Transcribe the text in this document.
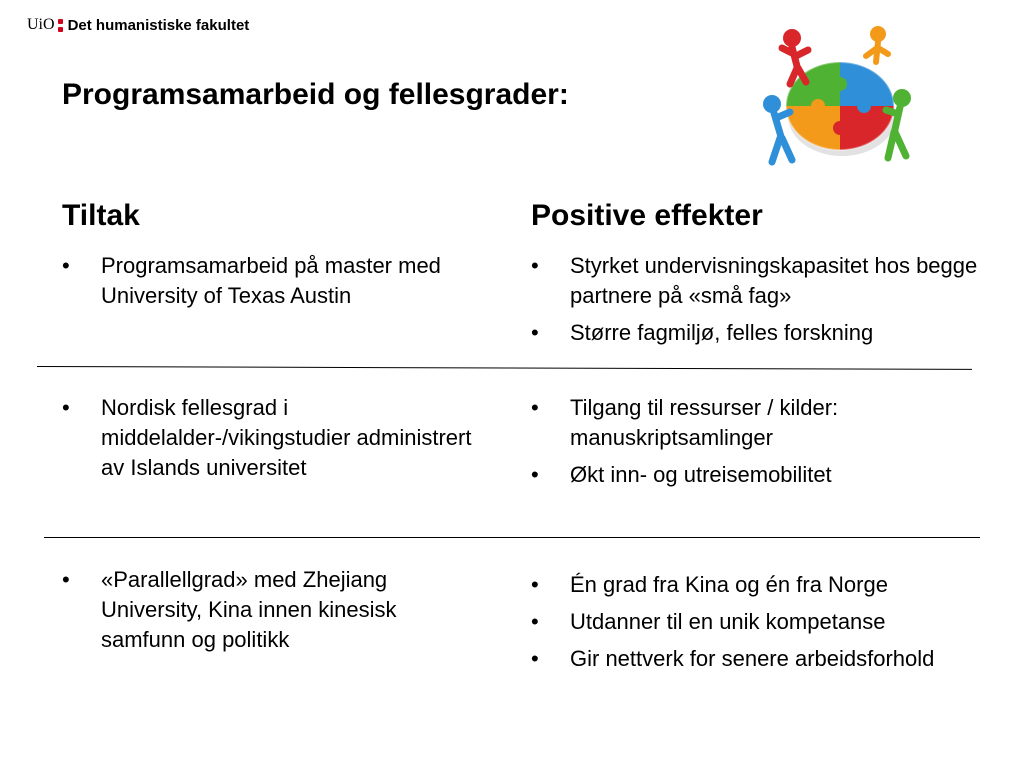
UiO Det humanistiske fakultet
Programsamarbeid og fellesgrader:
Tiltak	Positive effekter
• Programsamarbeid på master med University of Texas Austin
• Styrket undervisningskapasitet hos begge partnere på «små fag»
• Større fagmiljø, felles forskning
• Nordisk fellesgrad i middelalder-/vikingstudier administrert av Islands universitet
• Tilgang til ressurser / kilder: manuskriptsamlinger
• Økt inn- og utreisemobilitet
• «Parallellgrad» med Zhejiang University, Kina innen kinesisk samfunn og politikk
• Én grad fra Kina og én fra Norge
• Utdanner til en unik kompetanse
• Gir nettverk for senere arbeidsforhold
